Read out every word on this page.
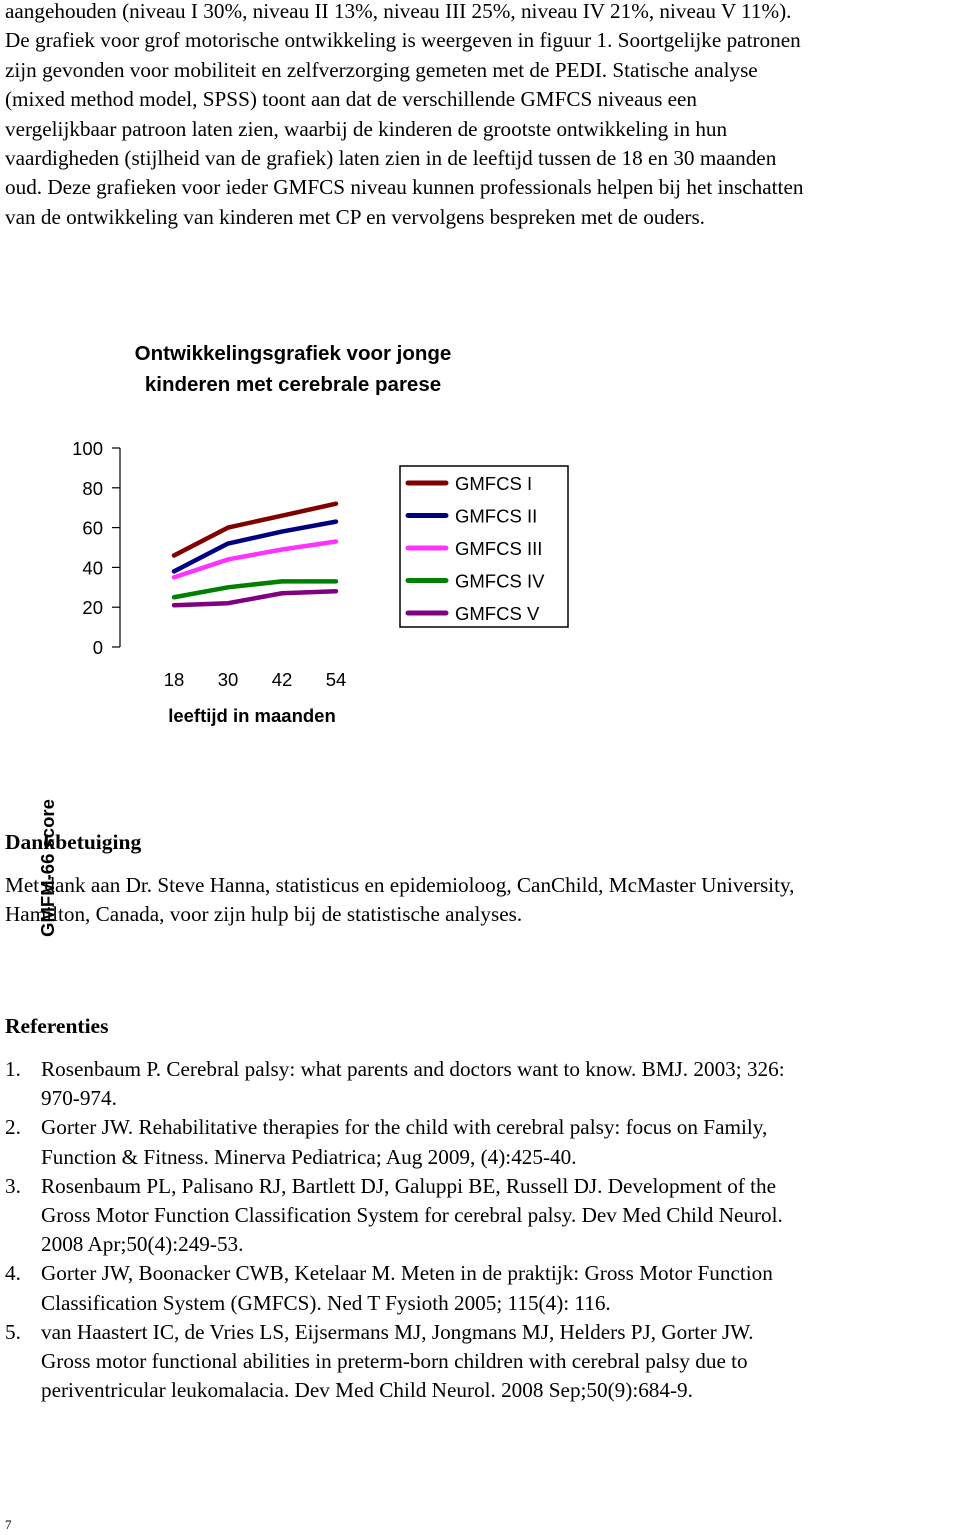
aangehouden (niveau I 30%, niveau II 13%, niveau III 25%, niveau IV 21%, niveau V 11%).

De grafiek voor grof motorische ontwikkeling is weergeven in figuur 1. Soortgelijke patronen

zijn gevonden voor mobiliteit en zelfverzorging gemeten met de PEDI. Statische analyse

(mixed method model, SPSS) toont aan dat de verschillende GMFCS niveaus een

vergelijkbaar patroon laten zien, waarbij de kinderen de grootste ontwikkeling in hun

vaardigheden (stijlheid van de grafiek) laten zien in de leeftijd tussen de 18 en 30 maanden

oud. Deze grafieken voor ieder GMFCS niveau kunnen professionals helpen bij het inschatten

van de ontwikkeling van kinderen met CP en vervolgens bespreken met de ouders.

Ontwikkelingsgrafiek voor jonge
kinderen met cerebrale parese
GMFM-66 score
leeftijd in maanden
0
20
40
60
80
100
18 30 42 54
GMFCS I
GMFCS II
GMFCS III
GMFCS IV
GMFCS V
Dankbetuiging

Met dank aan Dr. Steve Hanna, statisticus en epidemioloog, CanChild, McMaster University,
Hamilton, Canada, voor zijn hulp bij de statistische analyses.

Referenties
1. Rosenbaum P. Cerebral palsy: what parents and doctors want to know. BMJ. 2003; 326:
970-974.
2. Gorter JW. Rehabilitative therapies for the child with cerebral palsy: focus on Family,
Function & Fitness. Minerva Pediatrica; Aug 2009, (4):425-40.
3. Rosenbaum PL, Palisano RJ, Bartlett DJ, Galuppi BE, Russell DJ. Development of the
Gross Motor Function Classification System for cerebral palsy. Dev Med Child Neurol.
2008 Apr;50(4):249-53.
4. Gorter JW, Boonacker CWB, Ketelaar M. Meten in de praktijk: Gross Motor Function
Classification System (GMFCS). Ned T Fysioth 2005; 115(4): 116.
5. van Haastert IC, de Vries LS, Eijsermans MJ, Jongmans MJ, Helders PJ, Gorter JW.
Gross motor functional abilities in preterm-born children with cerebral palsy due to
periventricular leukomalacia. Dev Med Child Neurol. 2008 Sep;50(9):684-9.
7
